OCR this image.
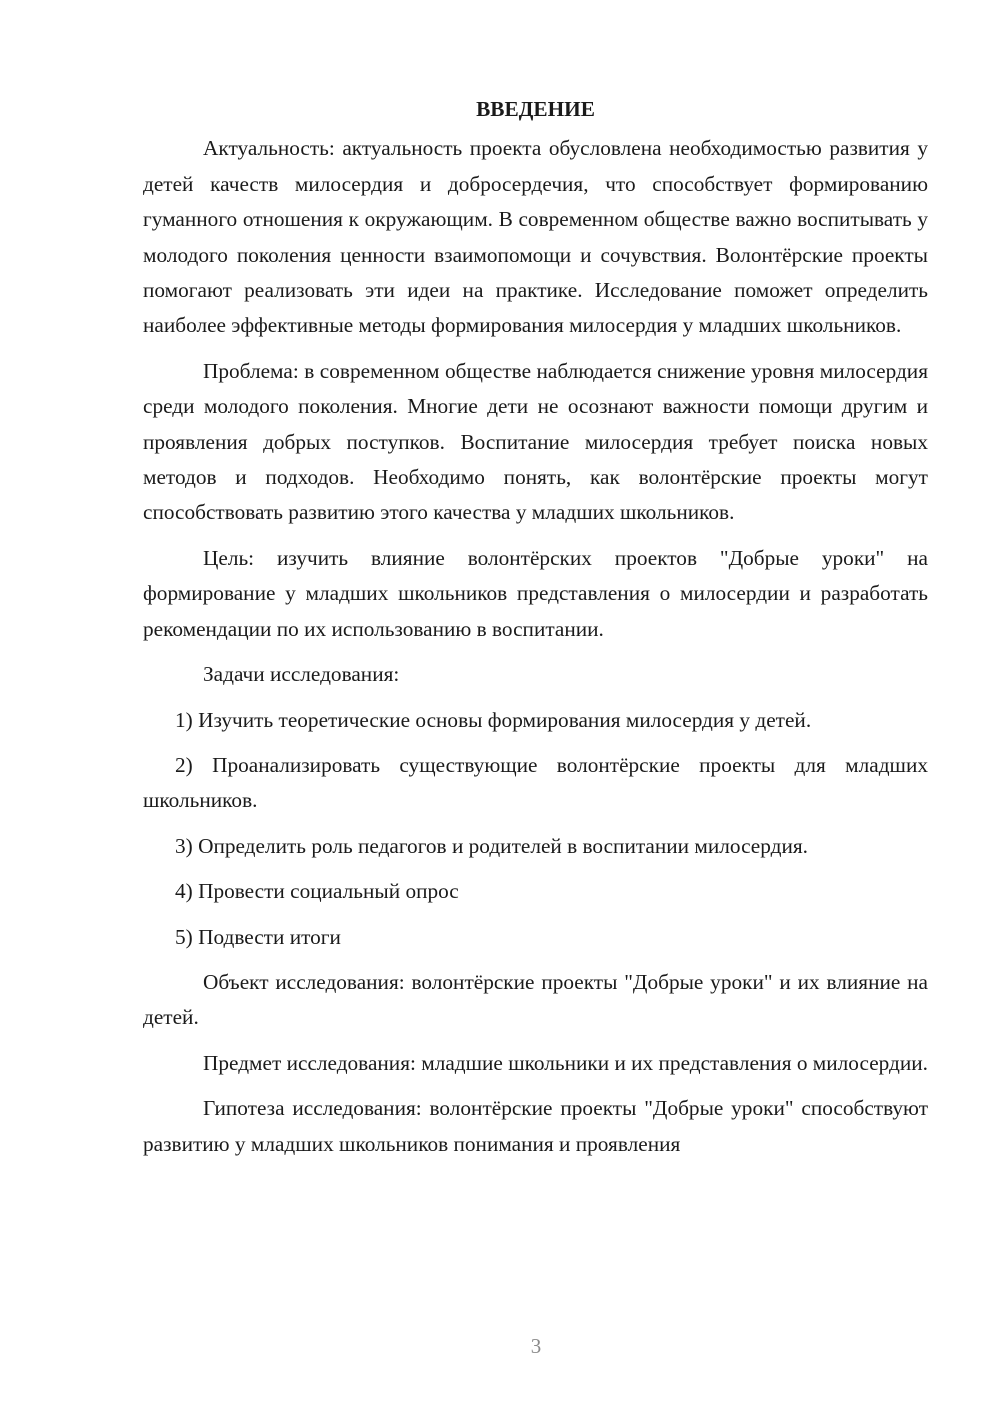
ВВЕДЕНИЕ

Актуальность: актуальность проекта обусловлена необходимостью развития у детей качеств милосердия и добросердечия, что способствует формированию гуманного отношения к окружающим. В современном обществе важно воспитывать у молодого поколения ценности взаимопомощи и сочувствия. Волонтёрские проекты помогают реализовать эти идеи на практике. Исследование поможет определить наиболее эффективные методы формирования милосердия у младших школьников.

Проблема: в современном обществе наблюдается снижение уровня милосердия среди молодого поколения. Многие дети не осознают важности помощи другим и проявления добрых поступков. Воспитание милосердия требует поиска новых методов и подходов. Необходимо понять, как волонтёрские проекты могут способствовать развитию этого качества у младших школьников.

Цель: изучить влияние волонтёрских проектов "Добрые уроки" на формирование у младших школьников представления о милосердии и разработать рекомендации по их использованию в воспитании.

Задачи исследования:

1) Изучить теоретические основы формирования милосердия у детей.

2) Проанализировать существующие волонтёрские проекты для младших школьников.

3) Определить роль педагогов и родителей в воспитании милосердия.

4) Провести социальный опрос

5) Подвести итоги

Объект исследования: волонтёрские проекты "Добрые уроки" и их влияние на детей.

Предмет исследования: младшие школьники и их представления о милосердии.

Гипотеза исследования: волонтёрские проекты "Добрые уроки" способствуют развитию у младших школьников понимания и проявления

3
